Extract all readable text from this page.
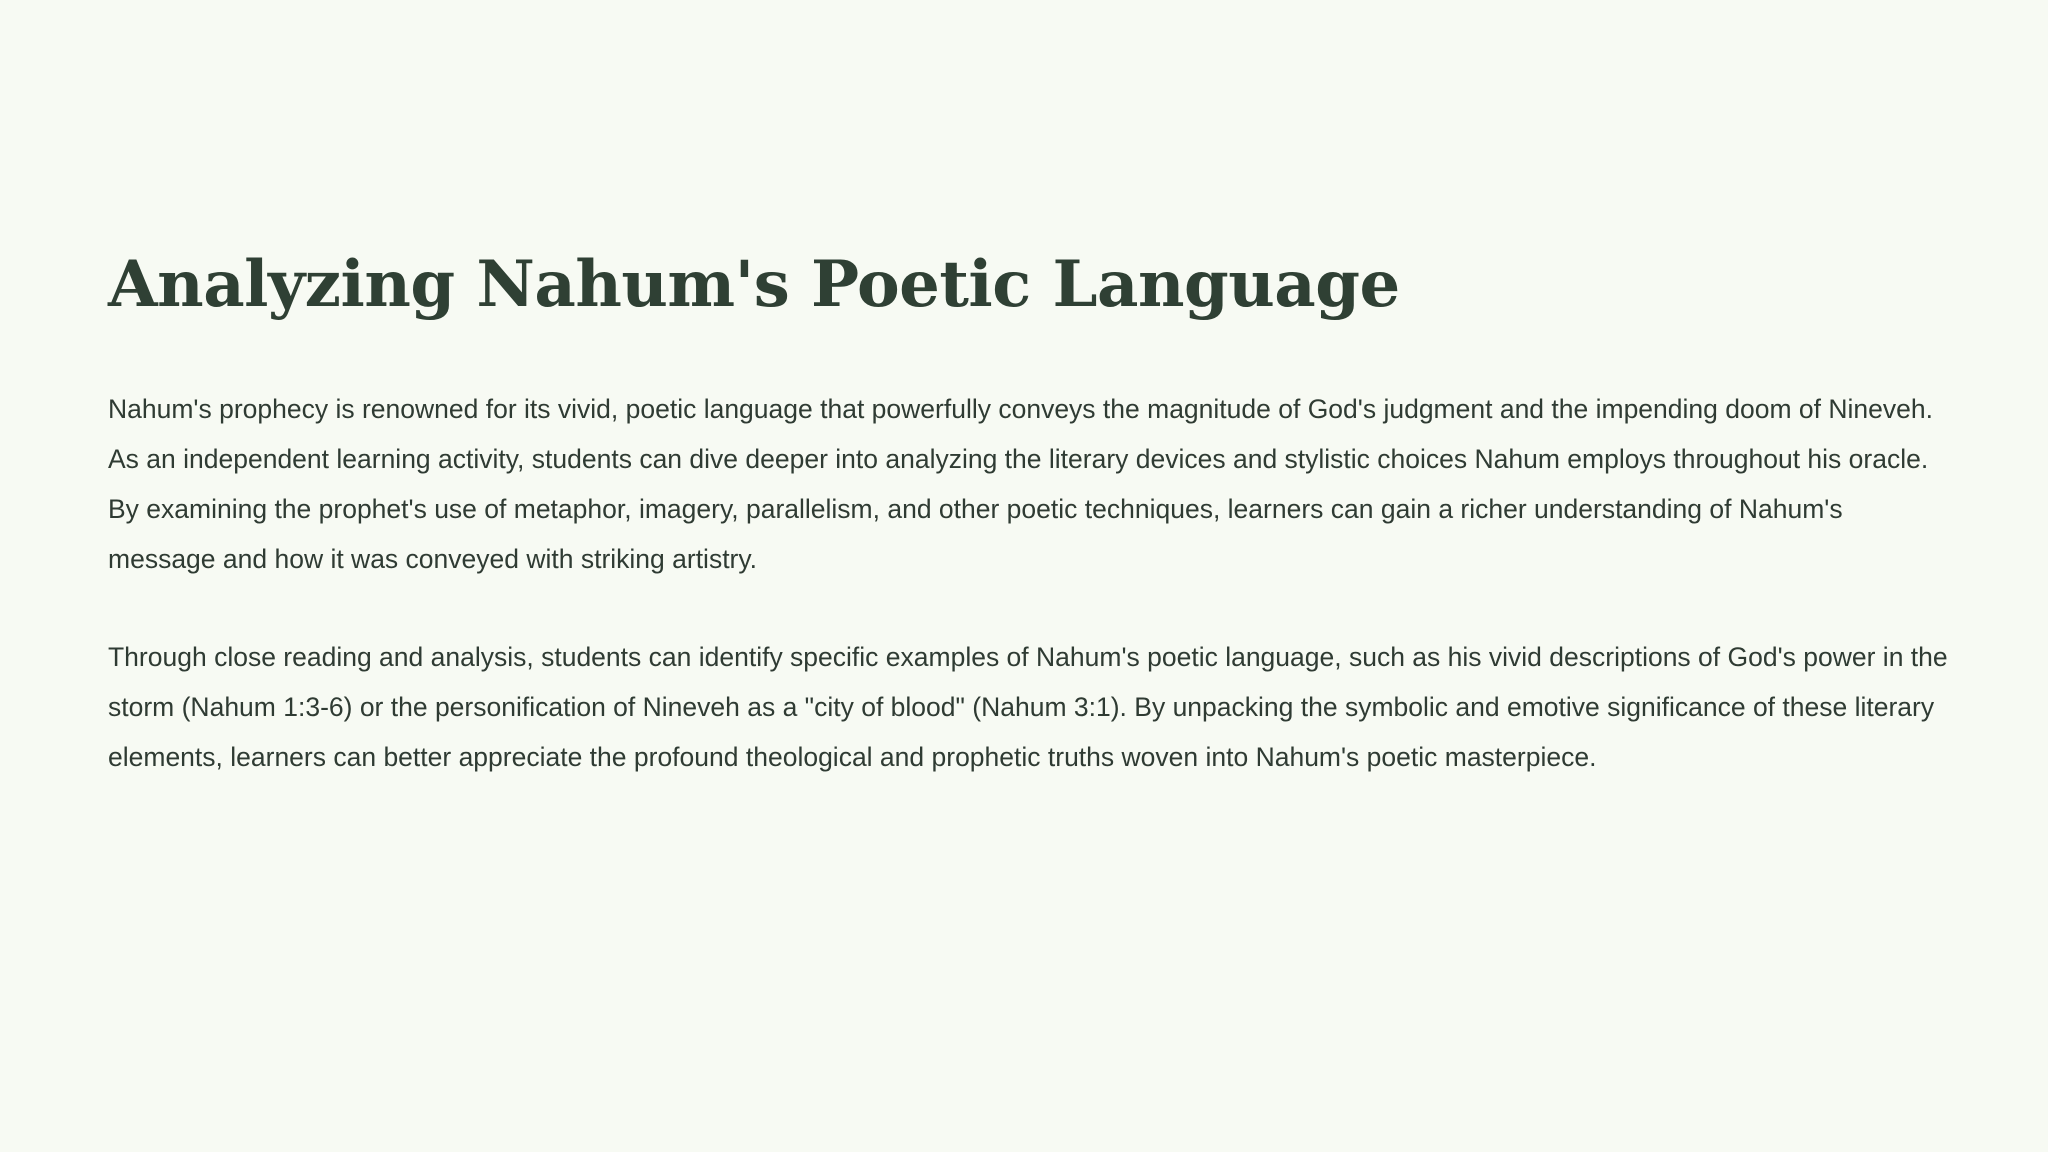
Analyzing Nahum's Poetic Language

Nahum's prophecy is renowned for its vivid, poetic language that powerfully conveys the magnitude of God's judgment and the impending doom of Nineveh. As an independent learning activity, students can dive deeper into analyzing the literary devices and stylistic choices Nahum employs throughout his oracle. By examining the prophet's use of metaphor, imagery, parallelism, and other poetic techniques, learners can gain a richer understanding of Nahum's message and how it was conveyed with striking artistry.

Through close reading and analysis, students can identify specific examples of Nahum's poetic language, such as his vivid descriptions of God's power in the storm (Nahum 1:3-6) or the personification of Nineveh as a "city of blood" (Nahum 3:1). By unpacking the symbolic and emotive significance of these literary elements, learners can better appreciate the profound theological and prophetic truths woven into Nahum's poetic masterpiece.
